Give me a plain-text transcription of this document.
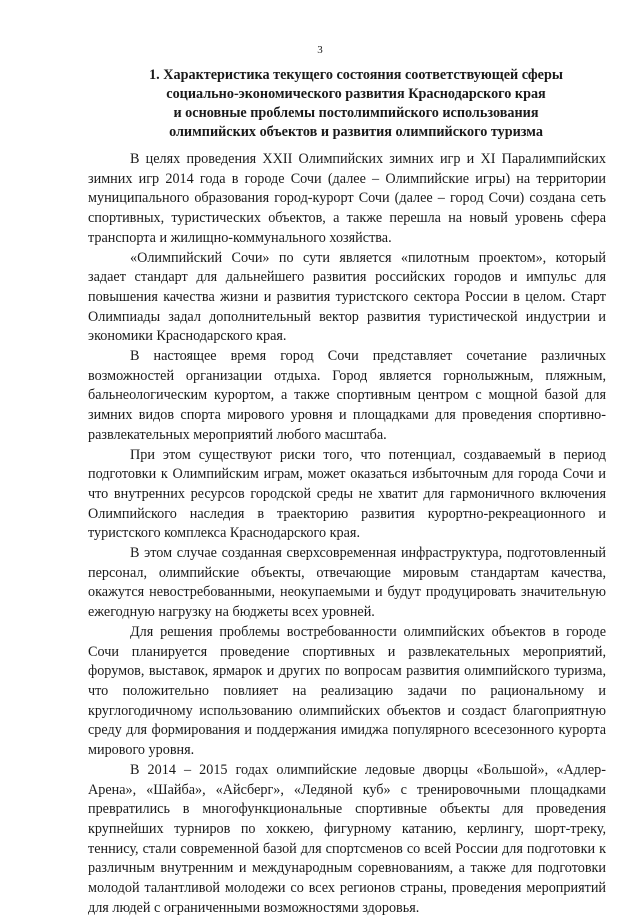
3
1. Характеристика текущего состояния соответствующей сферы
социально-экономического развития Краснодарского края
и основные проблемы постолимпийского использования
олимпийских объектов и развития олимпийского туризма

В целях проведения XXII Олимпийских зимних игр и XI Паралимпийских зимних игр 2014 года в городе Сочи (далее – Олимпийские игры) на территории муниципального образования город-курорт Сочи (далее – город Сочи) создана сеть спортивных, туристических объектов, а также перешла на новый уровень сфера транспорта и жилищно-коммунального хозяйства.

«Олимпийский Сочи» по сути является «пилотным проектом», который задает стандарт для дальнейшего развития российских городов и импульс для повышения качества жизни и развития туристского сектора России в целом. Старт Олимпиады задал дополнительный вектор развития туристической индустрии и экономики Краснодарского края.

В настоящее время город Сочи представляет сочетание различных возможностей организации отдыха. Город является горнолыжным, пляжным, бальнеологическим курортом, а также спортивным центром с мощной базой для зимних видов спорта мирового уровня и площадками для проведения спортивно-развлекательных мероприятий любого масштаба.

При этом существуют риски того, что потенциал, создаваемый в период подготовки к Олимпийским играм, может оказаться избыточным для города Сочи и что внутренних ресурсов городской среды не хватит для гармоничного включения Олимпийского наследия в траекторию развития курортно-рекреационного и туристского комплекса Краснодарского края.

В этом случае созданная сверхсовременная инфраструктура, подготовленный персонал, олимпийские объекты, отвечающие мировым стандартам качества, окажутся невостребованными, неокупаемыми и будут продуцировать значительную ежегодную нагрузку на бюджеты всех уровней.

Для решения проблемы востребованности олимпийских объектов в городе Сочи планируется проведение спортивных и развлекательных мероприятий, форумов, выставок, ярмарок и других по вопросам развития олимпийского туризма, что положительно повлияет на реализацию задачи по рациональному и круглогодичному использованию олимпийских объектов и создаст благоприятную среду для формирования и поддержания имиджа популярного всесезонного курорта мирового уровня.

В 2014 – 2015 годах олимпийские ледовые дворцы «Большой», «Адлер-Арена», «Шайба», «Айсберг», «Ледяной куб» с тренировочными площадками превратились в многофункциональные спортивные объекты для проведения крупнейших турниров по хоккею, фигурному катанию, керлингу, шорт-треку, теннису, стали современной базой для спортсменов со всей России для подготовки к различным внутренним и международным соревнованиям, а также для подготовки молодой талантливой молодежи со всех регионов страны, проведения мероприятий для людей с ограниченными возможностями здоровья.
